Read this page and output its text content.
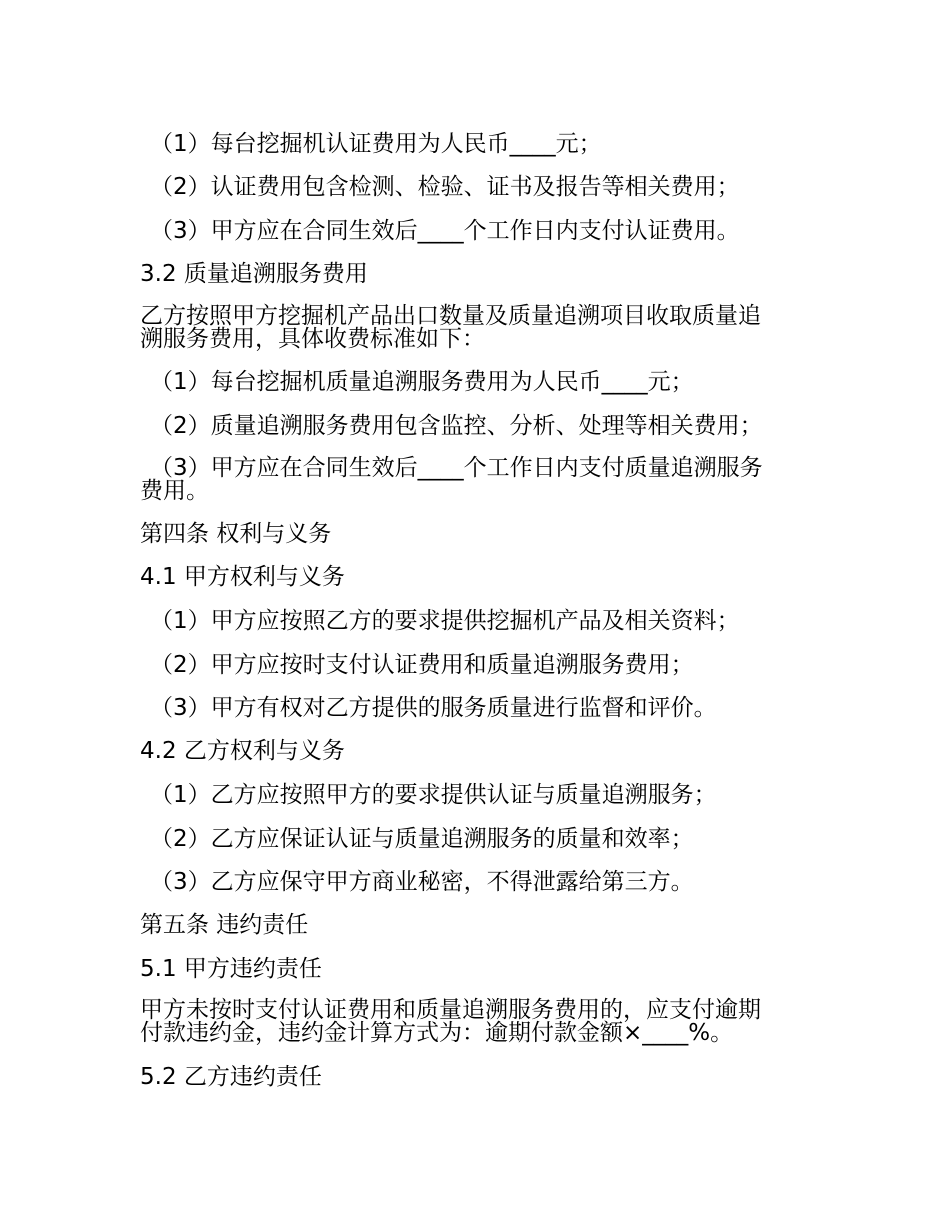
（1）每台挖掘机认证费用为人民币____元；
（2）认证费用包含检测、检验、证书及报告等相关费用；
（3）甲方应在合同生效后____个工作日内支付认证费用。
3.2 质量追溯服务费用
乙方按照甲方挖掘机产品出口数量及质量追溯项目收取质量追
溯服务费用，具体收费标准如下：
（1）每台挖掘机质量追溯服务费用为人民币____元；
（2）质量追溯服务费用包含监控、分析、处理等相关费用；
（3）甲方应在合同生效后____个工作日内支付质量追溯服务
费用。
第四条 权利与义务
4.1 甲方权利与义务
（1）甲方应按照乙方的要求提供挖掘机产品及相关资料；
（2）甲方应按时支付认证费用和质量追溯服务费用；
（3）甲方有权对乙方提供的服务质量进行监督和评价。
4.2 乙方权利与义务
（1）乙方应按照甲方的要求提供认证与质量追溯服务；
（2）乙方应保证认证与质量追溯服务的质量和效率；
（3）乙方应保守甲方商业秘密，不得泄露给第三方。
第五条 违约责任
5.1 甲方违约责任
甲方未按时支付认证费用和质量追溯服务费用的，应支付逾期
付款违约金，违约金计算方式为：逾期付款金额×____%。
5.2 乙方违约责任
